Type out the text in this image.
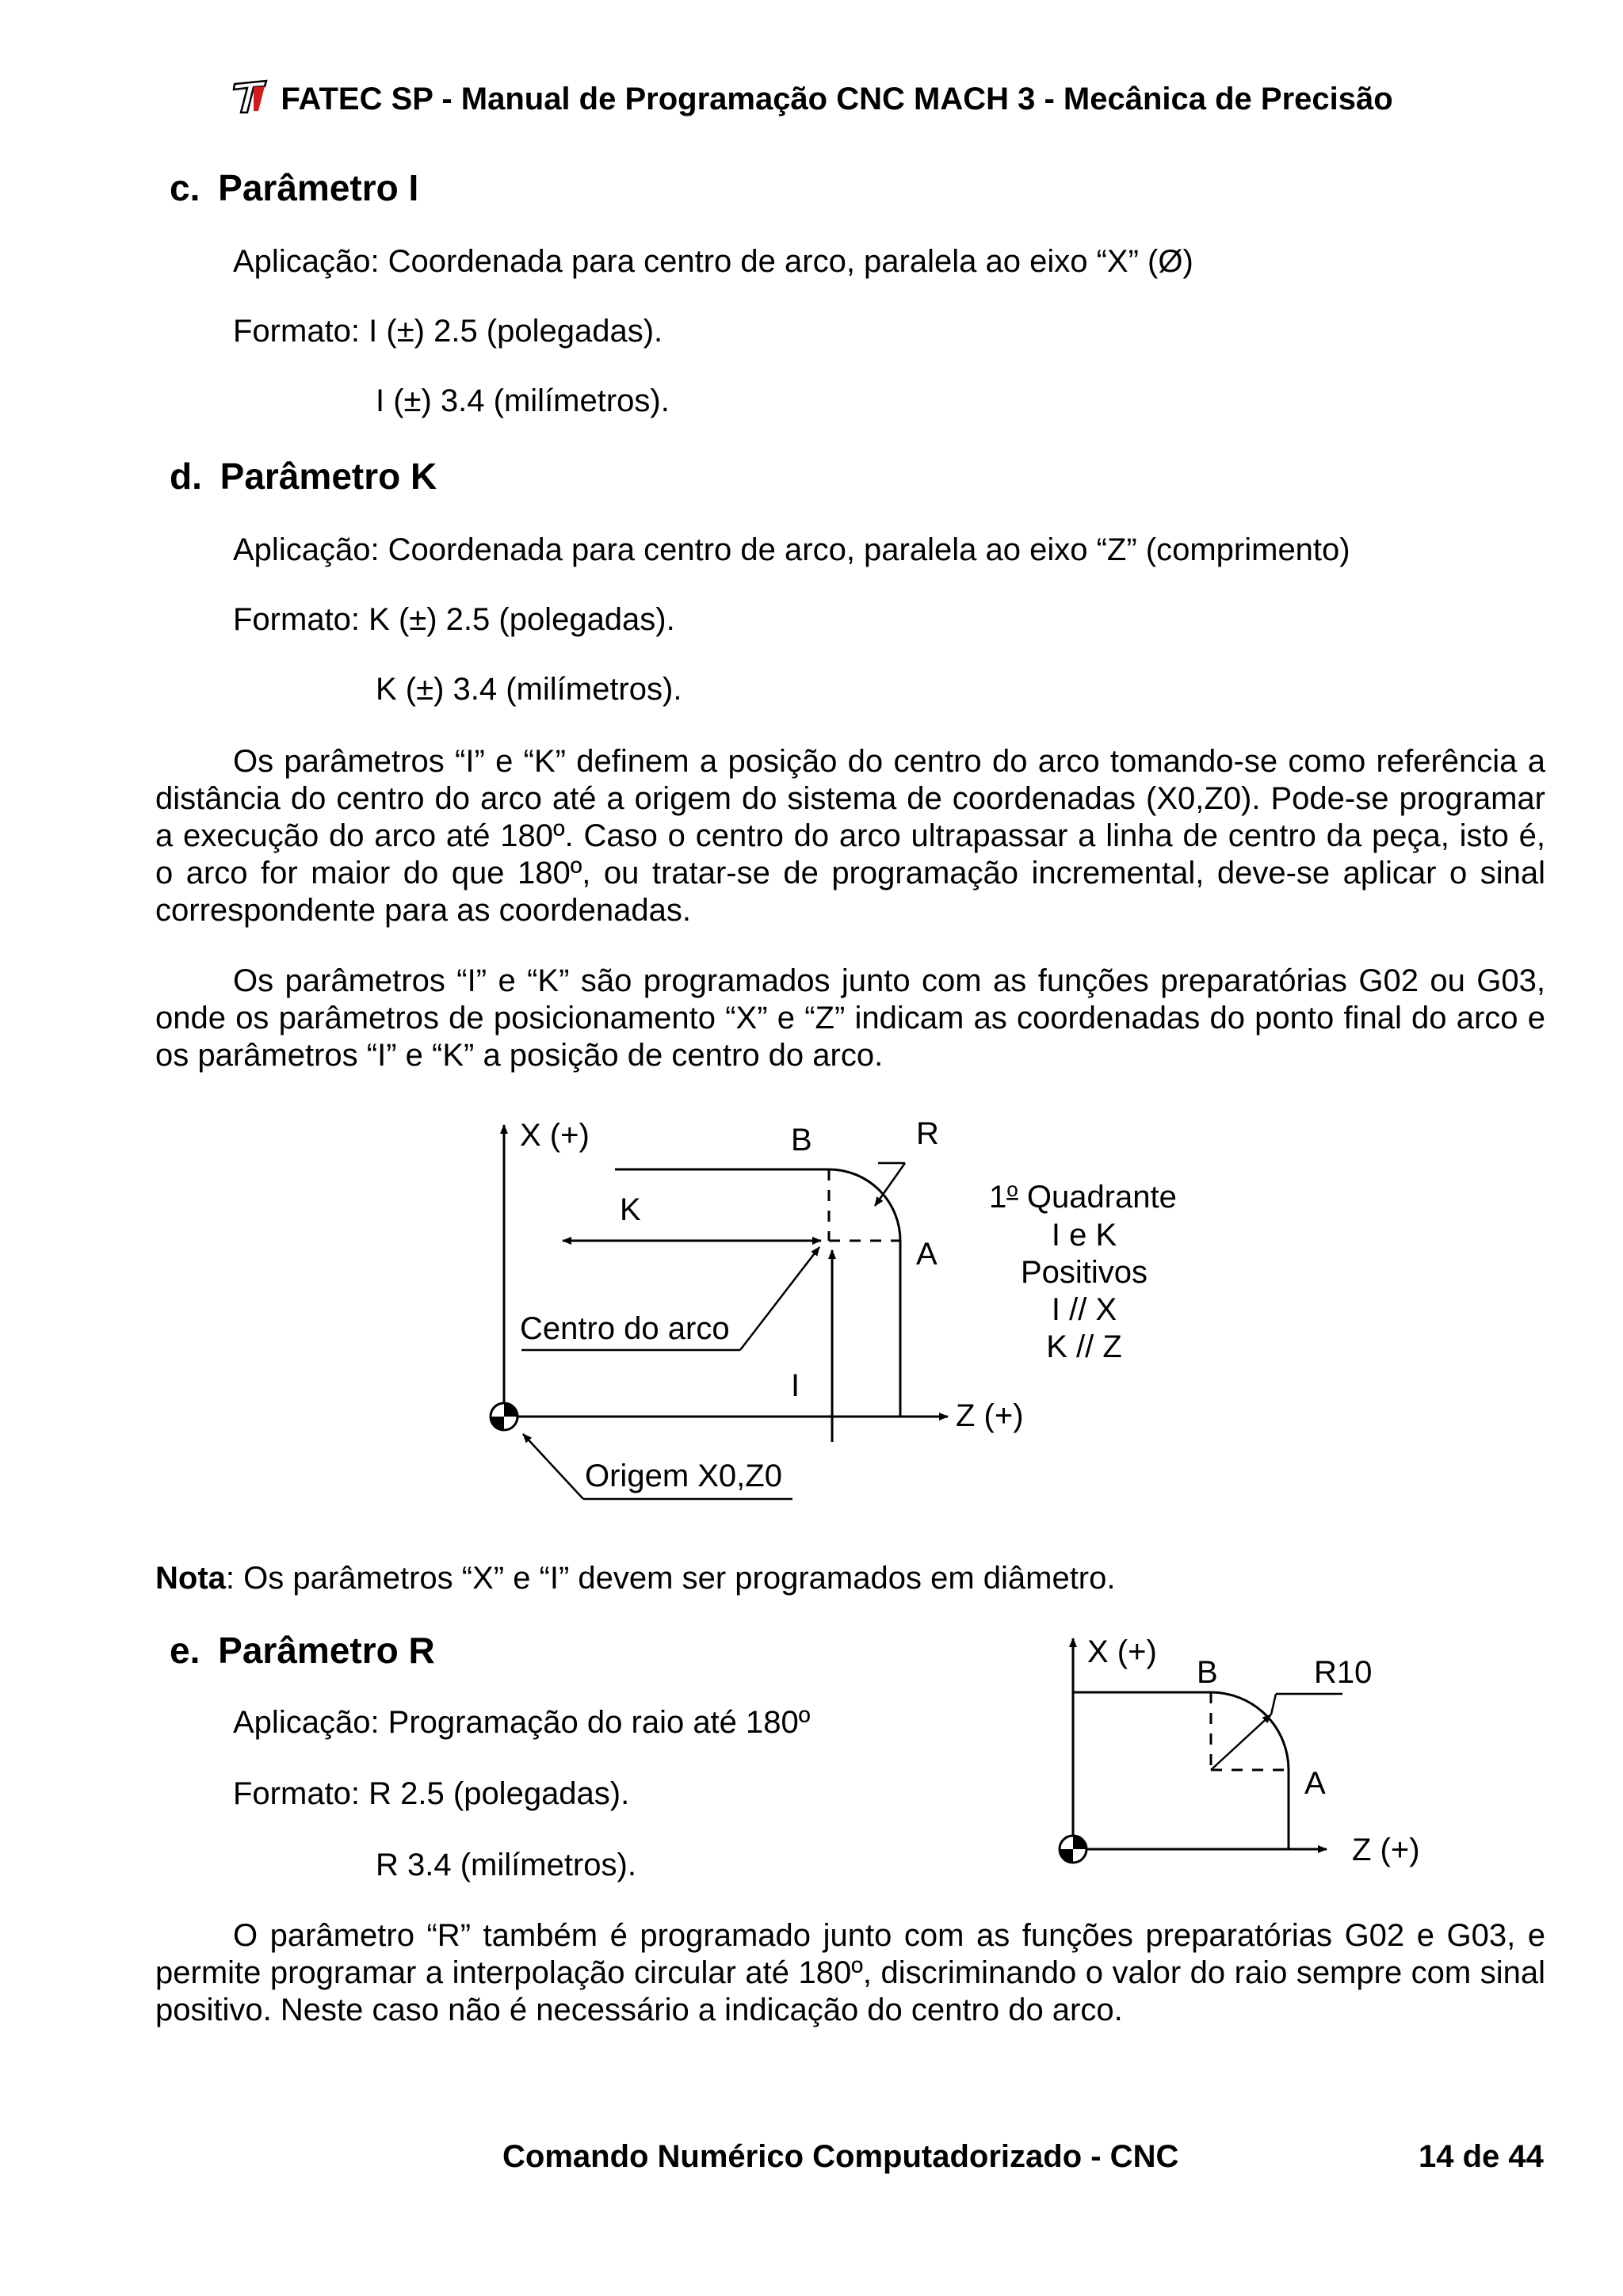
FATEC SP - Manual de Programação CNC MACH 3 - Mecânica de Precisão
c. Parâmetro I
Aplicação: Coordenada para centro de arco, paralela ao eixo “X” (Ø)
Formato: I (±) 2.5 (polegadas).
I (±) 3.4 (milímetros).
d. Parâmetro K
Aplicação: Coordenada para centro de arco, paralela ao eixo “Z” (comprimento)
Formato: K (±) 2.5 (polegadas).
K (±) 3.4 (milímetros).
Os parâmetros “I” e “K” definem a posição do centro do arco tomando-se como referência a distância do centro do arco até a origem do sistema de coordenadas (X0,Z0). Pode-se programar a execução do arco até 180º. Caso o centro do arco ultrapassar a linha de centro da peça, isto é, o arco for maior do que 180º, ou tratar-se de programação incremental, deve-se aplicar o sinal correspondente para as coordenadas.
Os parâmetros “I” e “K” são programados junto com as funções preparatórias G02 ou G03, onde os parâmetros de posicionamento “X” e “Z” indicam as coordenadas do ponto final do arco e os parâmetros “I” e “K” a posição de centro do arco.
X (+)
Z (+)
B
A
R
K
Centro do arco
I
Origem X0,Z0
1$^o$ Quadrante
I e K
Positivos
I // X
K // Z
X (+)
Z (+)
B
A
R10
Nota: Os parâmetros “X” e “I” devem ser programados em diâmetro.
e. Parâmetro R
Aplicação: Programação do raio até 180º
Formato: R 2.5 (polegadas).
R 3.4 (milímetros).
O parâmetro “R” também é programado junto com as funções preparatórias G02 e G03, e permite programar a interpolação circular até 180º, discriminando o valor do raio sempre com sinal positivo. Neste caso não é necessário a indicação do centro do arco.
Comando Numérico Computadorizado - CNC	14 de 44
